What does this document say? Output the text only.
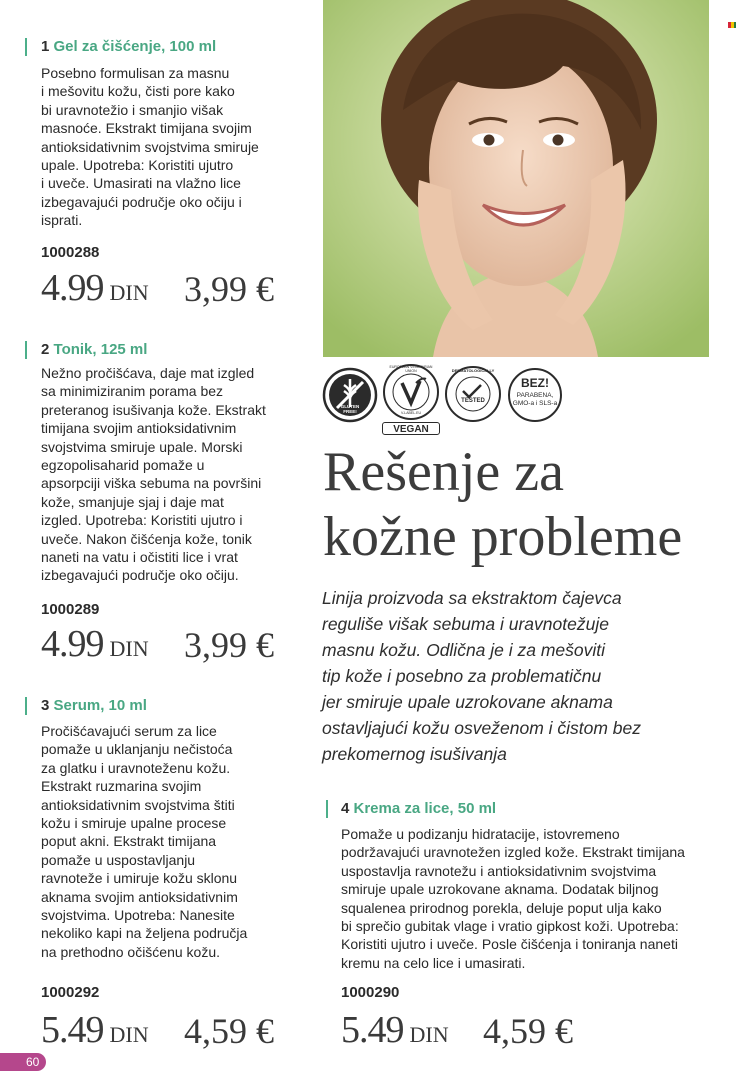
1 Gel za čišćenje, 100 ml
Posebno formulisan za masnu
i mešovitu kožu, čisti pore kako
bi uravnotežio i smanjio višak
masnoće. Ekstrakt timijana svojim
antioksidativnim svojstvima smiruje
upale. Upotreba: Koristiti ujutro
i uveče. Umasirati na vlažno lice
izbegavajući područje oko očiju i
isprati.
1000288
4.99 DIN 3,99 €
2 Tonik, 125 ml
Nežno pročišćava, daje mat izgled
sa minimiziranim porama bez
preteranog isušivanja kože. Ekstrakt
timijana svojim antioksidativnim
svojstvima smiruje upale. Morski
egzopolisaharid pomaže u
apsorpciji viška sebuma na površini
kože, smanjuje sjaj i daje mat
izgled. Upotreba: Koristiti ujutro i
uveče. Nakon čišćenja kože, tonik
naneti na vatu i očistiti lice i vrat
izbegavajući područje oko očiju.
1000289
4.99 DIN 3,99 €
3 Serum, 10 ml
Pročišćavajući serum za lice
pomaže u uklanjanju nečistoća
za glatku i uravnoteženu kožu.
Ekstrakt ruzmarina svojim
antioksidativnim svojstvima štiti
kožu i smiruje upalne procese
poput akni. Ekstrakt timijana
pomaže u uspostavljanju
ravnoteže i umiruje kožu sklonu
aknama svojim antioksidativnim
svojstvima. Upotreba: Nanesite
nekoliko kapi na željena područja
na prethodno očišćenu kožu.
1000292
5.49 DIN 4,59 €
GLUTEN FREE!
EUROPEAN VEGETARIAN UNION
V-LABEL.EU
VEGAN
DERMATOLOGICALLY
TESTED
BEZ!
PARABENA,
GMO-a i SLS-a
Rešenje za
kožne probleme
Linija proizvoda sa ekstraktom čajevca
reguliše višak sebuma i uravnotežuje
masnu kožu. Odlična je i za mešoviti
tip kože i posebno za problematičnu
jer smiruje upale uzrokovane aknama
ostavljajući kožu osveženom i čistom bez
prekomernog isušivanja
4 Krema za lice, 50 ml
Pomaže u podizanju hidratacije, istovremeno
podržavajući uravnotežen izgled kože. Ekstrakt timijana
uspostavlja ravnotežu i antioksidativnim svojstvima
smiruje upale uzrokovane aknama. Dodatak biljnog
squalenea prirodnog porekla, deluje poput ulja kako
bi sprečio gubitak vlage i vratio gipkost koži. Upotreba:
Koristiti ujutro i uveče. Posle čišćenja i toniranja naneti
kremu na celo lice i umasirati.
1000290
5.49 DIN 4,59 €
60
